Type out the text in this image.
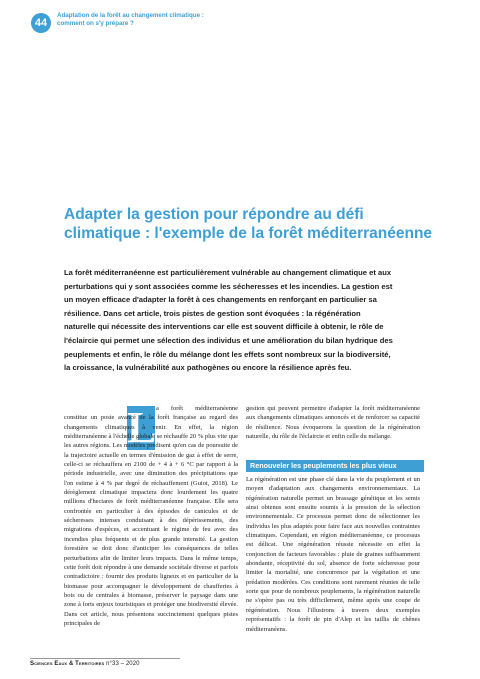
44
Adaptation de la forêt au changement climatique : comment on s'y prépare ?
Adapter la gestion pour répondre au défi climatique : l'exemple de la forêt méditerranéenne

La forêt méditerranéenne est particulièrement vulnérable au changement climatique et aux perturbations qui y sont associées comme les sécheresses et les incendies. La gestion est un moyen efficace d'adapter la forêt à ces changements en renforçant en particulier sa résilience. Dans cet article, trois pistes de gestion sont évoquées : la régénération naturelle qui nécessite des interventions car elle est souvent difficile à obtenir, le rôle de l'éclaircie qui permet une sélection des individus et une amélioration du bilan hydrique des peuplements et enfin, le rôle du mélange dont les effets sont nombreux sur la biodiversité, la croissance, la vulnérabilité aux pathogènes ou encore la résilience après feu.

L a forêt méditerranéenne constitue un poste avancé de la forêt française au regard des changements climatiques à venir. En effet, la région méditerranéenne à l'échelle globale se réchauffe 20 % plus vite que les autres régions. Les modèles prédisent qu'en cas de poursuite de la trajectoire actuelle en termes d'émission de gaz à effet de serre, celle-ci se réchauffera en 2100 de + 4 à + 6 °C par rapport à la période industrielle, avec une diminution des précipitations que l'on estime à 4 % par degré de réchauffement (Guiot, 2018). Le dérèglement climatique impactera donc lourdement les quatre millions d'hectares de forêt méditerranéenne française. Elle sera confrontée en particulier à des épisodes de canicules et de sécheresses intenses conduisant à des dépérissements, des migrations d'espèces, et accentuant le régime de feu avec des incendies plus fréquents et de plus grande intensité. La gestion forestière se doit donc d'anticiper les conséquences de telles perturbations afin de limiter leurs impacts. Dans le même temps, cette forêt doit répondre à une demande sociétale diverse et parfois contradictoire : fournir des produits ligneux et en particulier de la biomasse pour accompagner le développement de chaufferies à bois ou de centrales à biomasse, préserver le paysage dans une zone à forts enjeux touristiques et protéger une biodiversité élevée. Dans cet article, nous présentons succinctement quelques pistes principales de
gestion qui peuvent permettre d'adapter la forêt méditerranéenne aux changements climatiques annoncés et de renforcer sa capacité de résilience. Nous évoquerons la question de la régénération naturelle, du rôle de l'éclaircie et enfin celle du mélange.
Renouveler les peuplements les plus vieux
La régénération est une phase clé dans la vie du peuplement et un moyen d'adaptation aux changements environnementaux. La régénération naturelle permet un brassage génétique et les semis ainsi obtenus sont ensuite soumis à la pression de la sélection environnementale. Ce processus permet donc de sélectionner les individus les plus adaptés pour faire face aux nouvelles contraintes climatiques. Cependant, en région méditerranéenne, ce processus est délicat. Une régénération réussie nécessite en effet la conjonction de facteurs favorables : pluie de graines suffisamment abondante, réceptivité du sol, absence de forte sécheresse pour limiter la mortalité, une concurrence par la végétation et une prédation modérées. Ces conditions sont rarement réunies de telle sorte que pour de nombreux peuplements, la régénération naturelle ne s'opère pas ou très difficilement, même après une coupe de régénération. Nous l'illustrons à travers deux exemples représentatifs : la forêt de pin d'Alep et les taillis de chênes méditerranéens.
Sciences Eaux & Territoires n°33 – 2020
